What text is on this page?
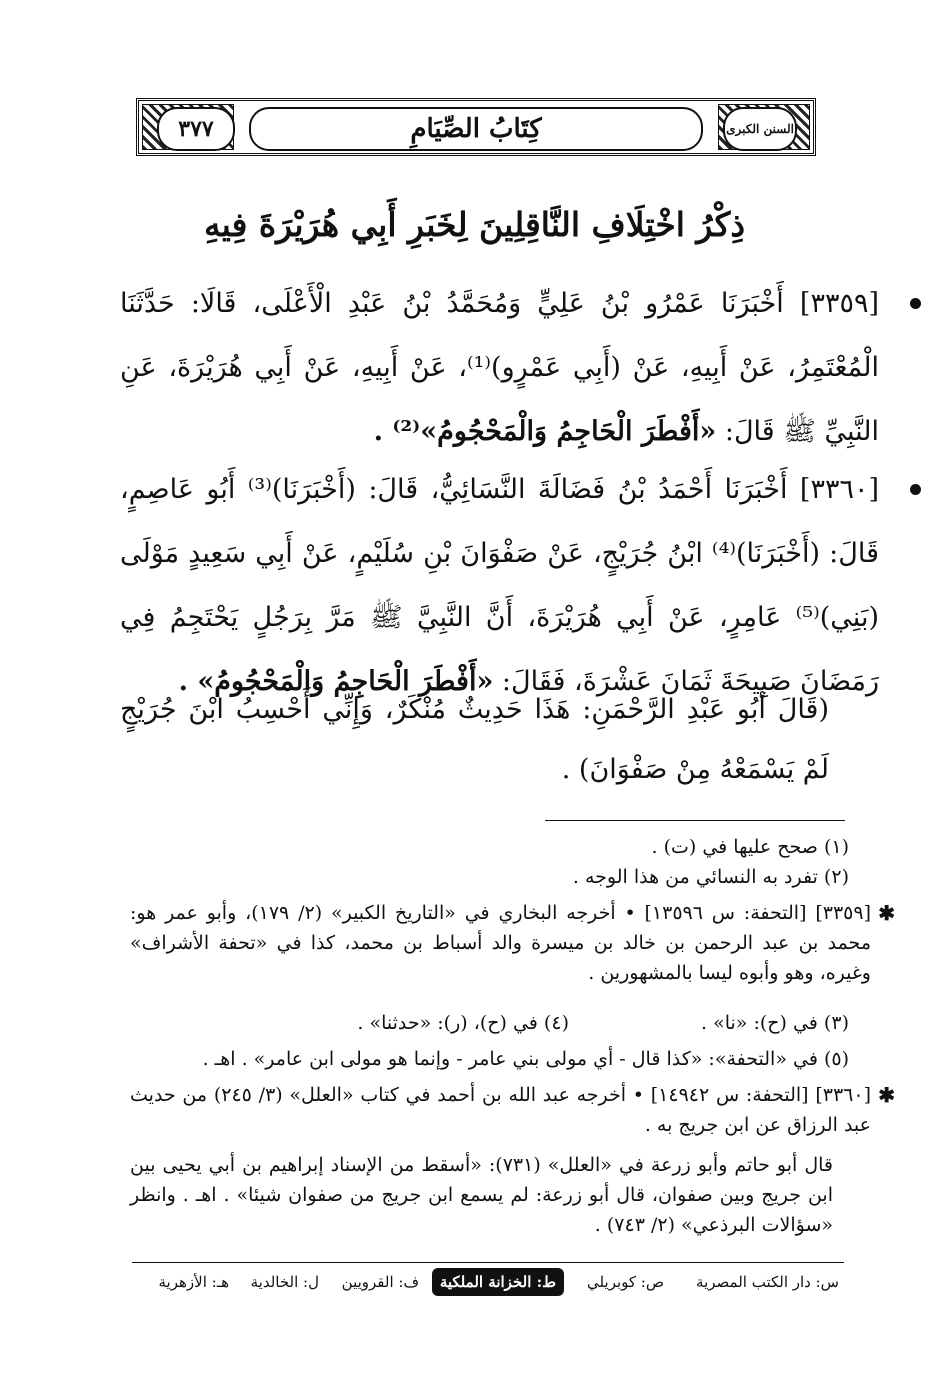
٣٧٧	كِتَابُ الصِّيَامِ	السنن الكبرى
ذِكْرُ اخْتِلَافِ النَّاقِلِينَ لِخَبَرِ أَبِي هُرَيْرَةَ فِيهِ
[٣٣٥٩] أَخْبَرَنَا عَمْرُو بْنُ عَلِيٍّ وَمُحَمَّدُ بْنُ عَبْدِ الْأَعْلَى، قَالَا: حَدَّثَنَا الْمُعْتَمِرُ، عَنْ أَبِيهِ، عَنْ (أَبِي عَمْرٍو)⁽¹⁾، عَنْ أَبِيهِ، عَنْ أَبِي هُرَيْرَةَ، عَنِ النَّبِيِّ ﷺ قَالَ: «أَفْطَرَ الْحَاجِمُ وَالْمَحْجُومُ»⁽²⁾ .
[٣٣٦٠] أَخْبَرَنَا أَحْمَدُ بْنُ فَضَالَةَ النَّسَائِيُّ، قَالَ: (أَخْبَرَنَا)⁽³⁾ أَبُو عَاصِمٍ، قَالَ: (أَخْبَرَنَا)⁽⁴⁾ ابْنُ جُرَيْجٍ، عَنْ صَفْوَانَ بْنِ سُلَيْمٍ، عَنْ أَبِي سَعِيدٍ مَوْلَى (بَنِي)⁽⁵⁾ عَامِرٍ، عَنْ أَبِي هُرَيْرَةَ، أَنَّ النَّبِيَّ ﷺ مَرَّ بِرَجُلٍ يَحْتَجِمُ فِي رَمَضَانَ صَبِيحَةَ ثَمَانَ عَشْرَةَ، فَقَالَ: «أَفْطَرَ الْحَاجِمُ وَالْمَحْجُومُ» .
(قَالَ أَبُو عَبْدِ الرَّحْمَنِ: هَذَا حَدِيثٌ مُنْكَرٌ، وَإِنِّي أَحْسِبُ ابْنَ جُرَيْجٍ لَمْ يَسْمَعْهُ مِنْ صَفْوَانَ) .
(١) صحح عليها في (ت) .
(٢) تفرد به النسائي من هذا الوجه .
✱
[٣٣٥٩] [التحفة: س ١٣٥٩٦] • أخرجه البخاري في «التاريخ الكبير» (٢/ ١٧٩)، وأبو عمر هو: محمد بن عبد الرحمن بن خالد بن ميسرة والد أسباط بن محمد، كذا في «تحفة الأشراف» وغيره، وهو وأبوه ليسا بالمشهورين .
(٣) في (ح): «نا» .
(٤) في (ح)، (ر): «حدثنا» .
(٥) في «التحفة»: «كذا قال - أي مولى بني عامر - وإنما هو مولى ابن عامر» . اهـ .
✱
[٣٣٦٠] [التحفة: س ١٤٩٤٢] • أخرجه عبد الله بن أحمد في كتاب «العلل» (٣/ ٢٤٥) من حديث عبد الرزاق عن ابن جريج به .
قال أبو حاتم وأبو زرعة في «العلل» (٧٣١): «أسقط من الإسناد إبراهيم بن أبي يحيى بين ابن جريج وبين صفوان، قال أبو زرعة: لم يسمع ابن جريج من صفوان شيئا» . اهـ . وانظر «سؤالات البرذعي» (٢/ ٧٤٣) .
س: دار الكتب المصرية
ص: كوبريلي
ط: الخزانة الملكية
ف: القرويين
ل: الخالدية
هـ: الأزهرية
